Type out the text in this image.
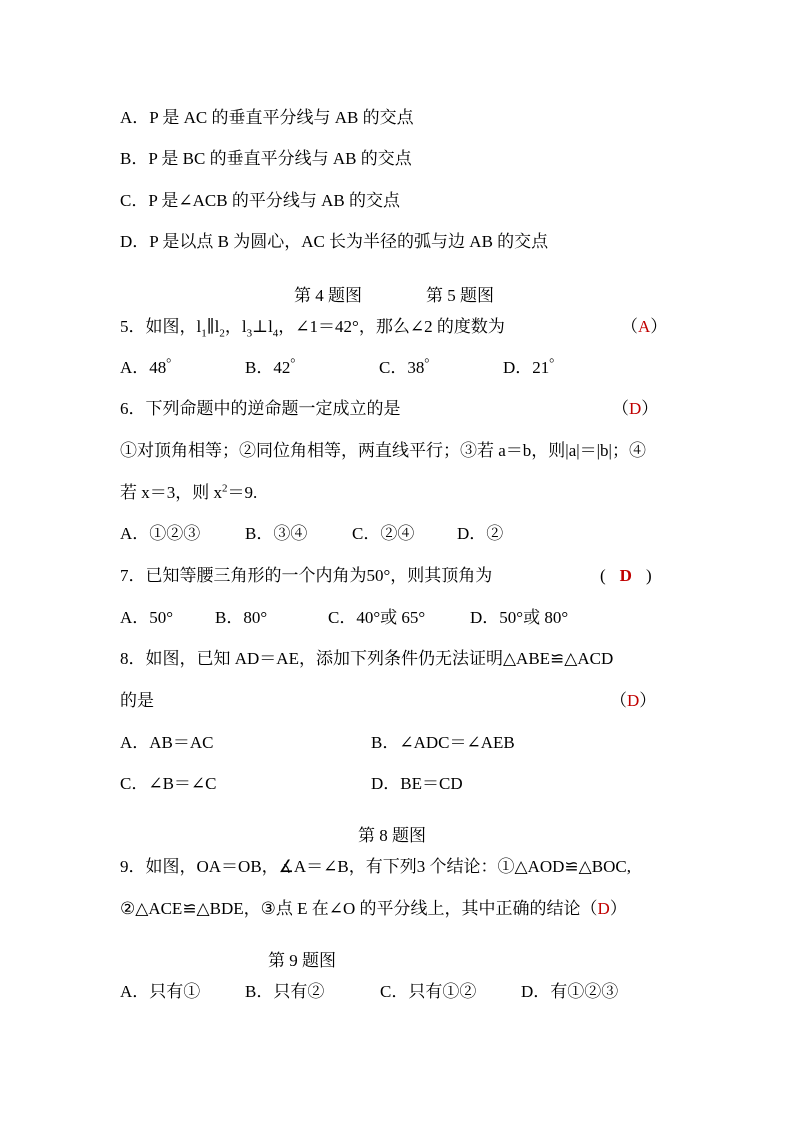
A．P 是 AC 的垂直平分线与 AB 的交点
B．P 是 BC 的垂直平分线与 AB 的交点
C．P 是∠ACB 的平分线与 AB 的交点
D．P 是以点 B 为圆心，AC 长为半径的弧与边 AB 的交点
第 4 题图	第 5 题图
5．如图，$l_1\parallel l_2$，$l_3\perp l_4$，∠1＝42°，那么∠2 的度数为	（A）
A．48゜	B．42゜	C．38゜	D．21゜
6．下列命题中的逆命题一定成立的是	（D）
①对顶角相等；②同位角相等，两直线平行；③若 a＝b，则|a|＝|b|；④
若 x＝3，则 $x^2=9$.
A．①②③	B．③④	C．②④	D．②
7．已知等腰三角形的一个内角为50°，则其顶角为	( D )
A．50° B．80°	C．40°或 65°	D．50°或 80°
8．如图，已知 AD＝AE，添加下列条件仍无法证明△ABE≌△ACD
的是	（D）
A．AB＝AC	B．∠ADC＝∠AEB
C．∠B＝∠C	D．BE＝CD
第 8 题图
9．如图，OA＝OB，∡A＝∠B，有下列3 个结论：①△AOD≌△BOC,
②△ACE≌△BDE，③点 E 在∠O 的平分线上，其中正确的结论（D）
第 9 题图
A．只有①	B．只有②	C．只有①②	D．有①②③
